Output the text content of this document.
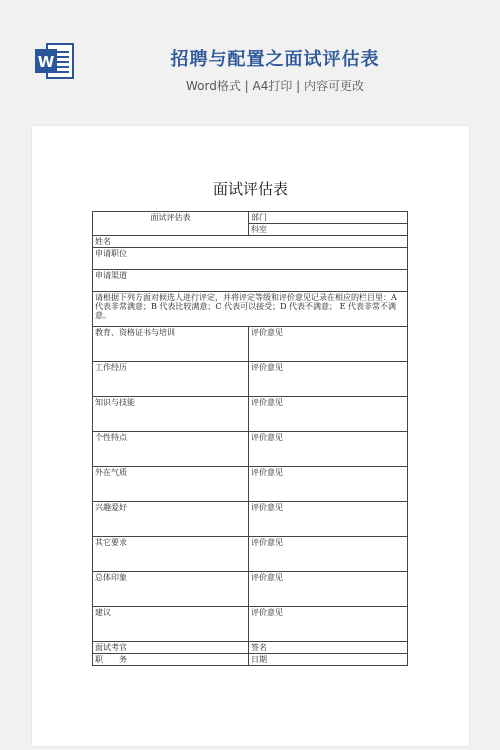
W	招聘与配置之面试评估表
Word格式 | A4打印 | 内容可更改
面试评估表
面试评估表	部门
	科室
姓名	
申请职位	
申请渠道	
请根据下列方面对候选人进行评定，并将评定等级和评价意见记录在相应的栏目里：A 代表非常满意；B 代表比较满意；C 代表可以接受；D 代表不满意； E 代表非常不满意。	
教育、资格证书与培训	评价意见
工作经历	评价意见
知识与技能	评价意见
个性特点	评价意见
外在气质	评价意见
兴趣爱好	评价意见
其它要求	评价意见
总体印象	评价意见
建议	评价意见
面试考官	签名
职　　务	日期
